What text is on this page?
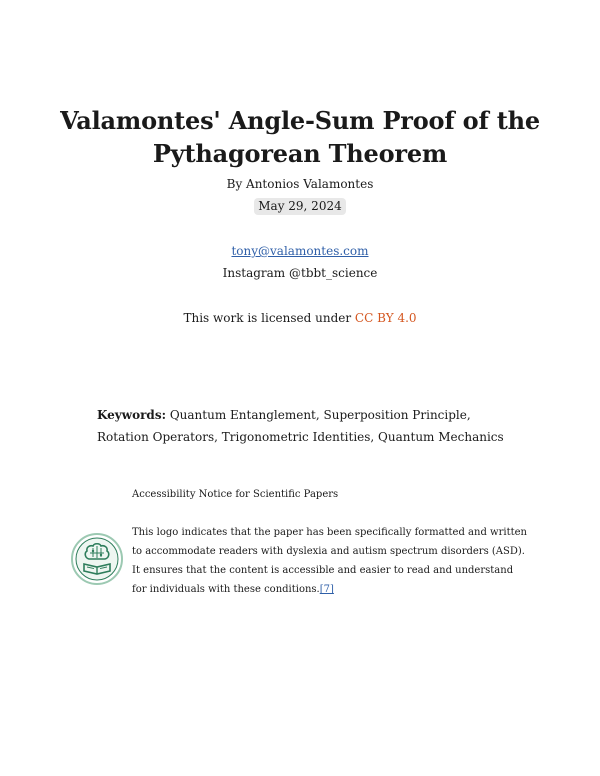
Valamontes' Angle-Sum Proof of the
Pythagorean Theorem
By Antonios Valamontes
May 29, 2024
tony@valamontes.com
Instagram @tbbt_science
This work is licensed under CC BY 4.0
Keywords: Quantum Entanglement, Superposition Principle, Rotation Operators, Trigonometric Identities, Quantum Mechanics
Accessibility Notice for Scientific Papers
This logo indicates that the paper has been specifically formatted and written to accommodate readers with dyslexia and autism spectrum disorders (ASD). It ensures that the content is accessible and easier to read and understand for individuals with these conditions.[7]
